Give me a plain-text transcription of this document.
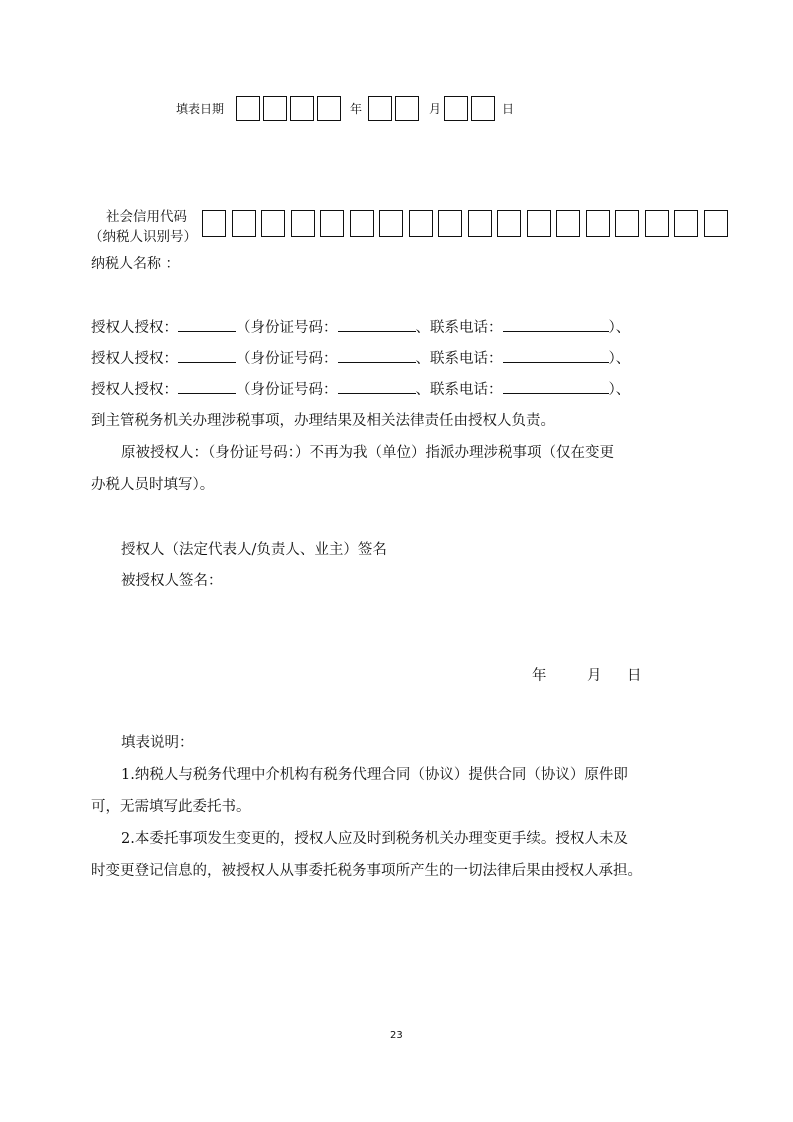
填表日期	年	月	日
社会信用代码
（纳税人识别号）
纳税人名称 ：
授权人授权：	（身份证号码：	、联系电话：	）、
授权人授权：	（身份证号码：	、联系电话：	）、
授权人授权：	（身份证号码：	、联系电话：	）、
到主管税务机关办理涉税事项，办理结果及相关法律责任由授权人负责。
原被授权人：（身份证号码：）不再为我（单位）指派办理涉税事项（仅在变更
办税人员时填写）。
授权人（法定代表人/负责人、业主）签名
被授权人签名：
年	月 日
填表说明：
1.纳税人与税务代理中介机构有税务代理合同（协议）提供合同（协议）原件即
可，无需填写此委托书。
2.本委托事项发生变更的，授权人应及时到税务机关办理变更手续。授权人未及
时变更登记信息的，被授权人从事委托税务事项所产生的一切法律后果由授权人承担。
23
